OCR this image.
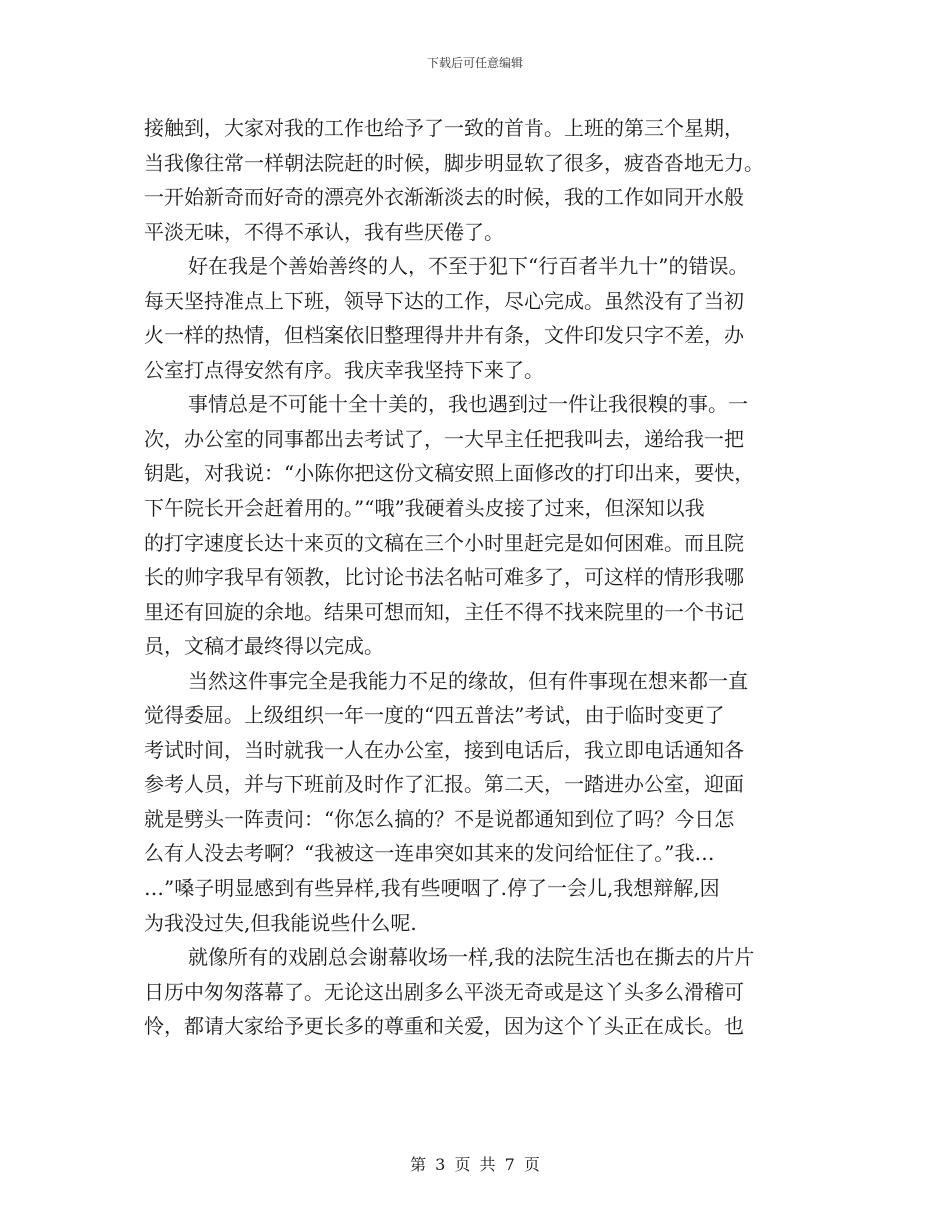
下载后可任意编辑
接触到，大家对我的工作也给予了一致的首肯。上班的第三个星期，
当我像往常一样朝法院赶的时候，脚步明显软了很多，疲沓沓地无力。
一开始新奇而好奇的漂亮外衣渐渐淡去的时候，我的工作如同开水般
平淡无味，不得不承认，我有些厌倦了。
好在我是个善始善终的人，不至于犯下“行百者半九十”的错误。
每天坚持准点上下班，领导下达的工作，尽心完成。虽然没有了当初
火一样的热情，但档案依旧整理得井井有条，文件印发只字不差，办
公室打点得安然有序。我庆幸我坚持下来了。
事情总是不可能十全十美的，我也遇到过一件让我很糗的事。一
次，办公室的同事都出去考试了，一大早主任把我叫去，递给我一把
钥匙，对我说：“小陈你把这份文稿安照上面修改的打印出来，要快，
下午院长开会赶着用的。”“哦”我硬着头皮接了过来，但深知以我
的打字速度长达十来页的文稿在三个小时里赶完是如何困难。而且院
长的帅字我早有领教，比讨论书法名帖可难多了，可这样的情形我哪
里还有回旋的余地。结果可想而知，主任不得不找来院里的一个书记
员，文稿才最终得以完成。
当然这件事完全是我能力不足的缘故，但有件事现在想来都一直
觉得委屈。上级组织一年一度的“四五普法”考试，由于临时变更了
考试时间，当时就我一人在办公室，接到电话后，我立即电话通知各
参考人员，并与下班前及时作了汇报。第二天，一踏进办公室，迎面
就是劈头一阵责问：“你怎么搞的？不是说都通知到位了吗？今日怎
么有人没去考啊？“我被这一连串突如其来的发问给怔住了。”我…
…”嗓子明显感到有些异样,我有些哽咽了.停了一会儿,我想辩解,因
为我没过失,但我能说些什么呢.
就像所有的戏剧总会谢幕收场一样,我的法院生活也在撕去的片片
日历中匆匆落幕了。无论这出剧多么平淡无奇或是这丫头多么滑稽可
怜，都请大家给予更长多的尊重和关爱，因为这个丫头正在成长。也
第 3 页 共 7 页
